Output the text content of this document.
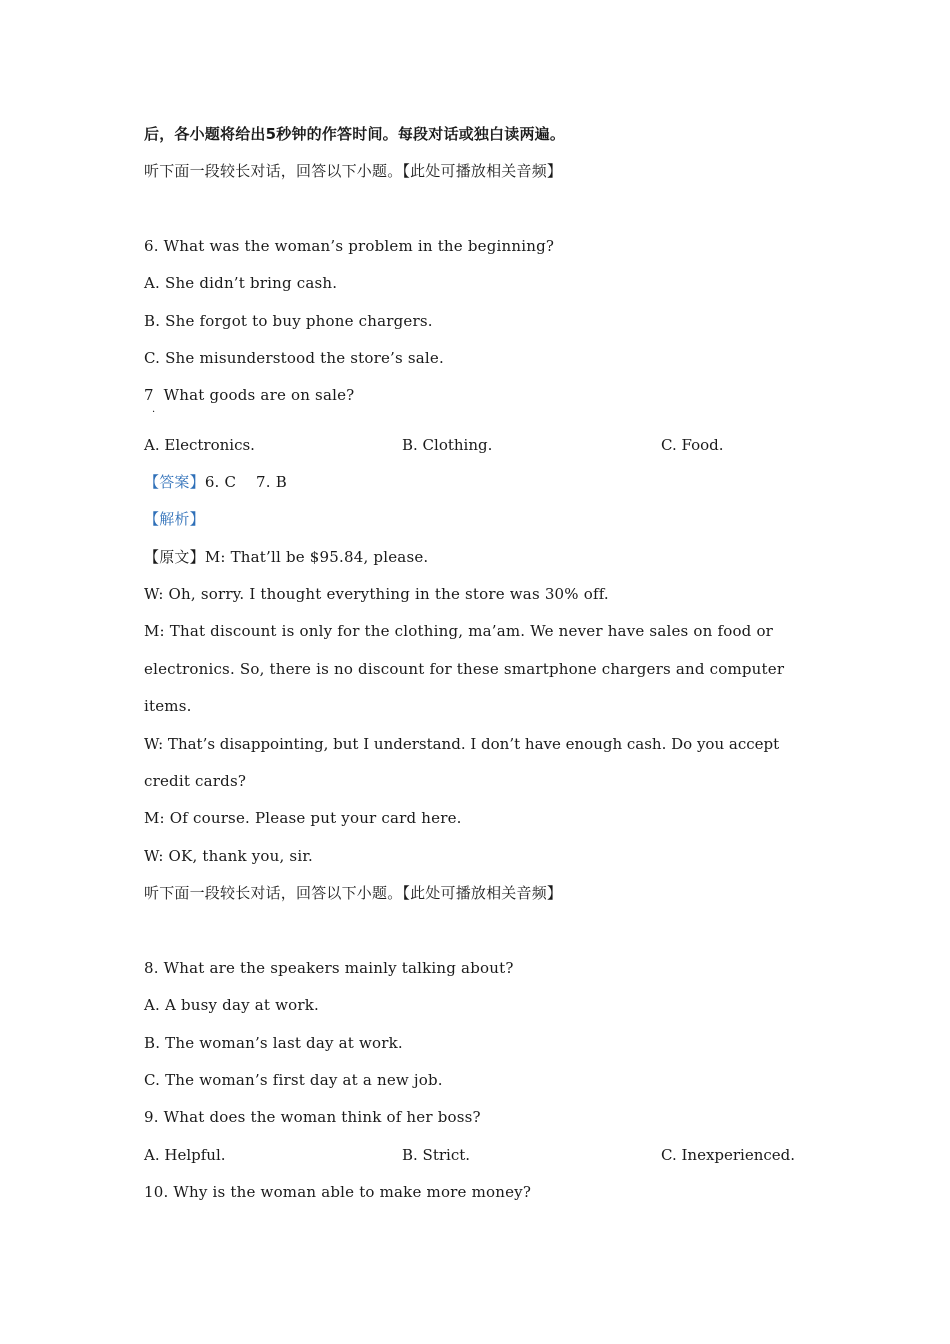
后，各小题将给出5秒钟的作答时间。每段对话或独白读两遍。
听下面一段较长对话，回答以下小题。【此处可播放相关音频】
6. What was the woman’s problem in the beginning?
A. She didn’t bring cash.
B. She forgot to buy phone chargers.
C. She misunderstood the store’s sale.
7  What goods are on sale?
·
A. Electronics.	B. Clothing.	C. Food.
【答案】6. C    7. B
【解析】
【原文】M: That’ll be $95.84, please.
W: Oh, sorry. I thought everything in the store was 30% off.
M: That discount is only for the clothing, ma’am. We never have sales on food or
electronics. So, there is no discount for these smartphone chargers and computer
items.
W: That’s disappointing, but I understand. I don’t have enough cash. Do you accept
credit cards?
M: Of course. Please put your card here.
W: OK, thank you, sir.
听下面一段较长对话，回答以下小题。【此处可播放相关音频】
8. What are the speakers mainly talking about?
A. A busy day at work.
B. The woman’s last day at work.
C. The woman’s first day at a new job.
9. What does the woman think of her boss?
A. Helpful.	B. Strict.	C. Inexperienced.
10. Why is the woman able to make more money?
